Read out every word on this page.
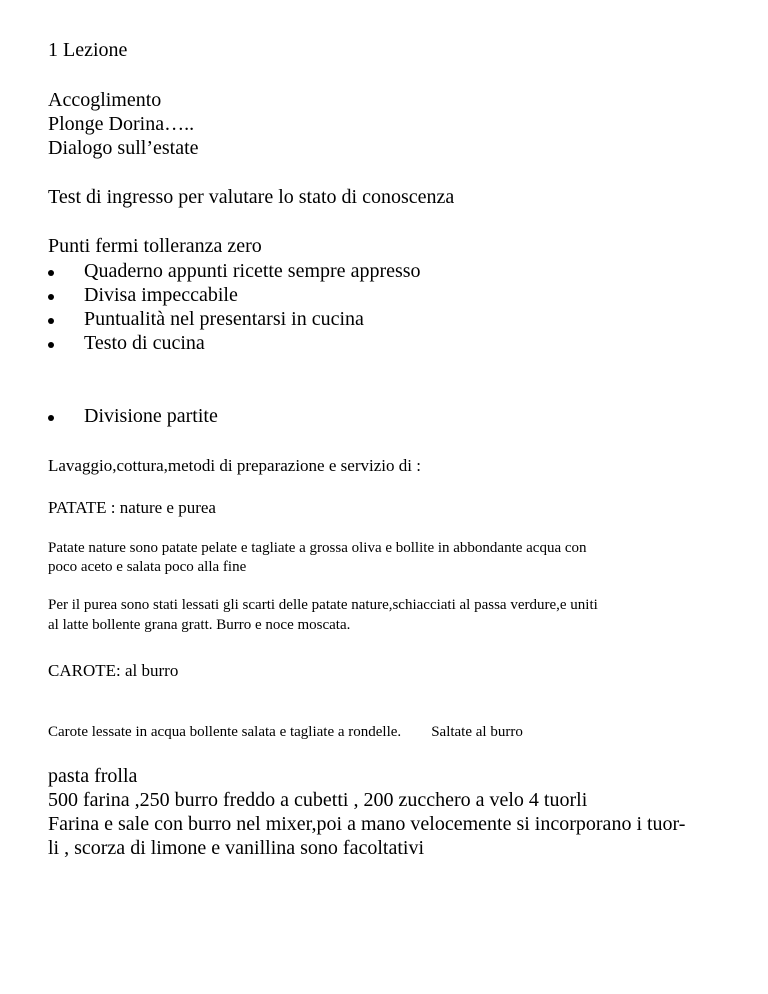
1 Lezione
Accoglimento
Plonge Dorina…..
Dialogo sull’estate
Test di ingresso per valutare lo stato di conoscenza
Punti fermi tolleranza zero
Quaderno appunti ricette sempre appresso
Divisa impeccabile
Puntualità nel presentarsi in cucina
Testo di cucina
Divisione partite
Lavaggio,cottura,metodi di preparazione e servizio di :
PATATE : nature e purea
Patate nature sono patate pelate e tagliate a grossa oliva e bollite in abbondante acqua con
poco aceto e salata poco alla fine
Per il purea sono stati lessati gli scarti delle patate nature,schiacciati al passa verdure,e uniti
al latte bollente grana gratt. Burro e noce moscata.
CAROTE: al burro
Carote lessate in acqua bollente salata e tagliate a rondelle. Saltate al burro
pasta frolla
500 farina ,250 burro freddo a cubetti , 200 zucchero a velo 4 tuorli
Farina e sale con burro nel mixer,poi a mano velocemente si incorporano i tuor-
li , scorza di limone e vanillina sono facoltativi
